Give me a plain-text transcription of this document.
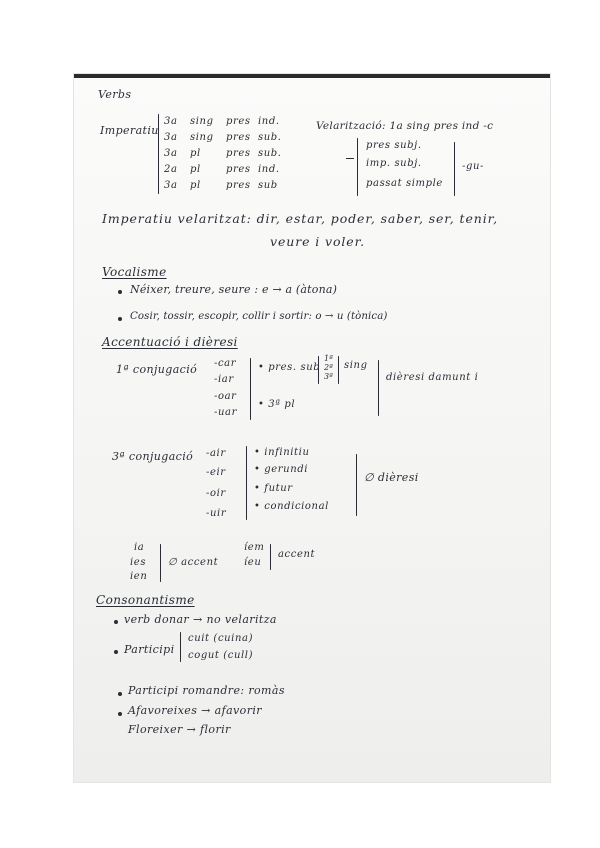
Verbs
Imperatiu
3a sing pres ind.
3a sing pres sub.
3a pl	pres sub.
2a pl	pres ind.
3a pl	pres sub
Velarització: 1a sing pres ind -c
pres subj.
imp. subj.
passat simple
-gu-
Imperatiu velaritzat: dir, estar, poder, saber, ser, tenir,
veure i voler.
Vocalisme
Néixer, treure, seure : e → a (àtona)
Cosir, tossir, escopir, collir i sortir: o → u (tònica)
Accentuació i dièresi
1ª conjugació -car
-iar
-oar
-uar
• pres. sub
1ª
2ª
3ª
sing
• 3ª pl
dièresi damunt i
3ª conjugació -air
-eir
-oir
-uir
• infinitiu
• gerundi
• futur
• condicional
∅ dièresi
ia
ies
ien
∅ accent
íem
íeu
accent
Consonantisme
verb donar → no velaritza
Participi
cuit (cuina)
cogut (cull)
Participi romandre: romàs
Afavoreixes → afavorir
Floreixer → florir
